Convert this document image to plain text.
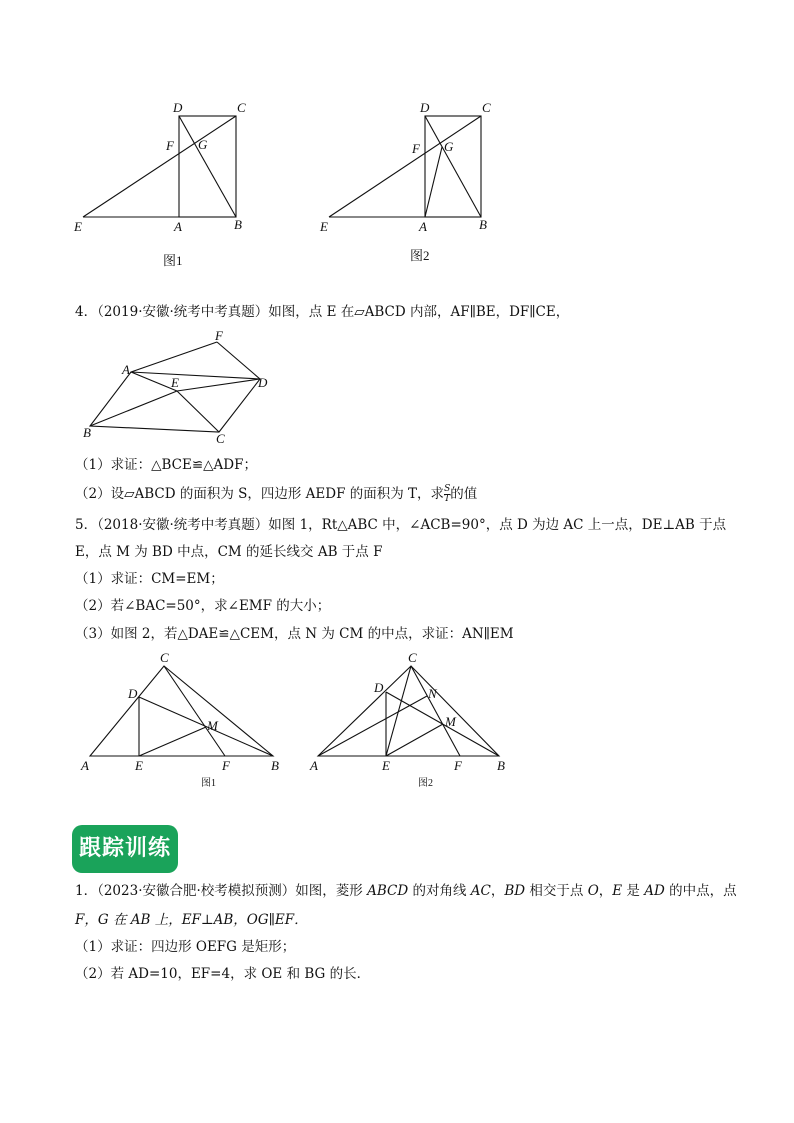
D	C
F G
E	A	B
图1
D	C
F G
E	A	B
图2
4．（2019·安徽·统考中考真题）如图，点 E 在▱ABCD 内部，AF∥BE，DF∥CE，
F
A
E	D
B	C
（1）求证：△BCE≌△ADF；
（2）设▱ABCD 的面积为 S，四边形 AEDF 的面积为 T，求 $\frac{S}{T}$ 的值
5．（2018·安徽·统考中考真题）如图 1，Rt△ABC 中，∠ACB=90°，点 D 为边 AC 上一点，DE⊥AB 于点
E，点 M 为 BD 中点，CM 的延长线交 AB 于点 F
（1）求证：CM=EM；
（2）若∠BAC=50°，求∠EMF 的大小；
（3）如图 2，若△DAE≌△CEM，点 N 为 CM 的中点，求证：AN∥EM
C
D
M
A	E	F	B
图1
C
D	N
M
A	E	F	B
图2
跟踪训练
1．（2023·安徽合肥·校考模拟预测）如图，菱形 ABCD 的对角线 AC，BD 相交于点 O，E 是 AD 的中点，点
F，G 在 AB 上，EF⊥AB，OG∥EF．
（1）求证：四边形 OEFG 是矩形；
（2）若 AD=10，EF=4，求 OE 和 BG 的长．
